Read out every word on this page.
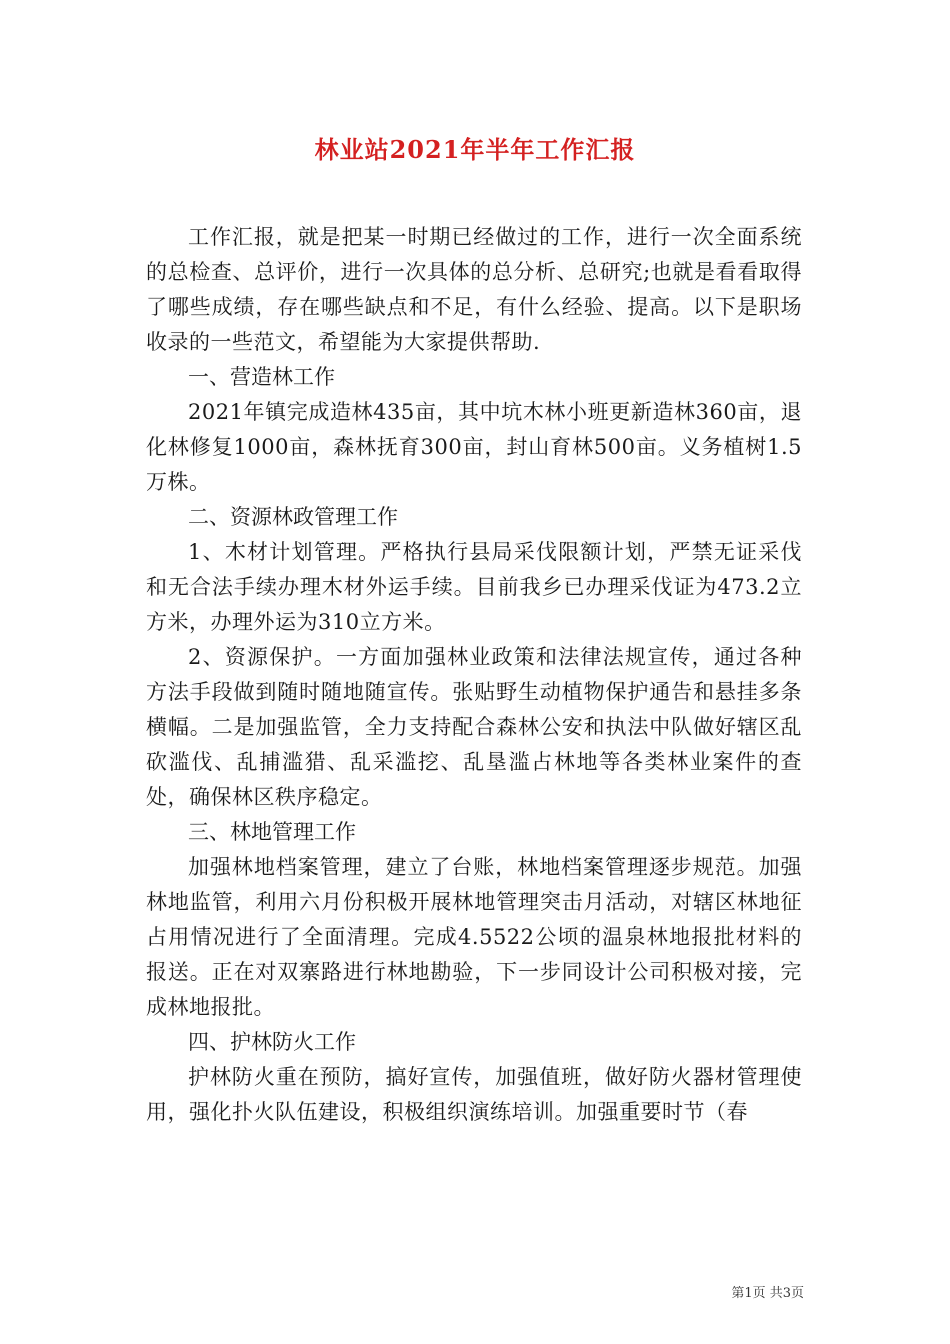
林业站2021年半年工作汇报

工作汇报，就是把某一时期已经做过的工作，进行一次全面系统的总检查、总评价，进行一次具体的总分析、总研究;也就是看看取得了哪些成绩，存在哪些缺点和不足，有什么经验、提高。以下是职场收录的一些范文，希望能为大家提供帮助.

一、营造林工作

2021年镇完成造林435亩，其中坑木林小班更新造林360亩，退化林修复1000亩，森林抚育300亩，封山育林500亩。义务植树1.5万株。

二、资源林政管理工作

1、木材计划管理。严格执行县局采伐限额计划，严禁无证采伐和无合法手续办理木材外运手续。目前我乡已办理采伐证为473.2立方米，办理外运为310立方米。

2、资源保护。一方面加强林业政策和法律法规宣传，通过各种方法手段做到随时随地随宣传。张贴野生动植物保护通告和悬挂多条横幅。二是加强监管，全力支持配合森林公安和执法中队做好辖区乱砍滥伐、乱捕滥猎、乱采滥挖、乱垦滥占林地等各类林业案件的查处，确保林区秩序稳定。

三、林地管理工作

加强林地档案管理，建立了台账，林地档案管理逐步规范。加强林地监管，利用六月份积极开展林地管理突击月活动，对辖区林地征占用情况进行了全面清理。完成4.5522公顷的温泉林地报批材料的报送。正在对双寨路进行林地勘验，下一步同设计公司积极对接，完成林地报批。

四、护林防火工作

护林防火重在预防，搞好宣传，加强值班，做好防火器材管理使用，强化扑火队伍建设，积极组织演练培训。加强重要时节（春

第1页 共3页
